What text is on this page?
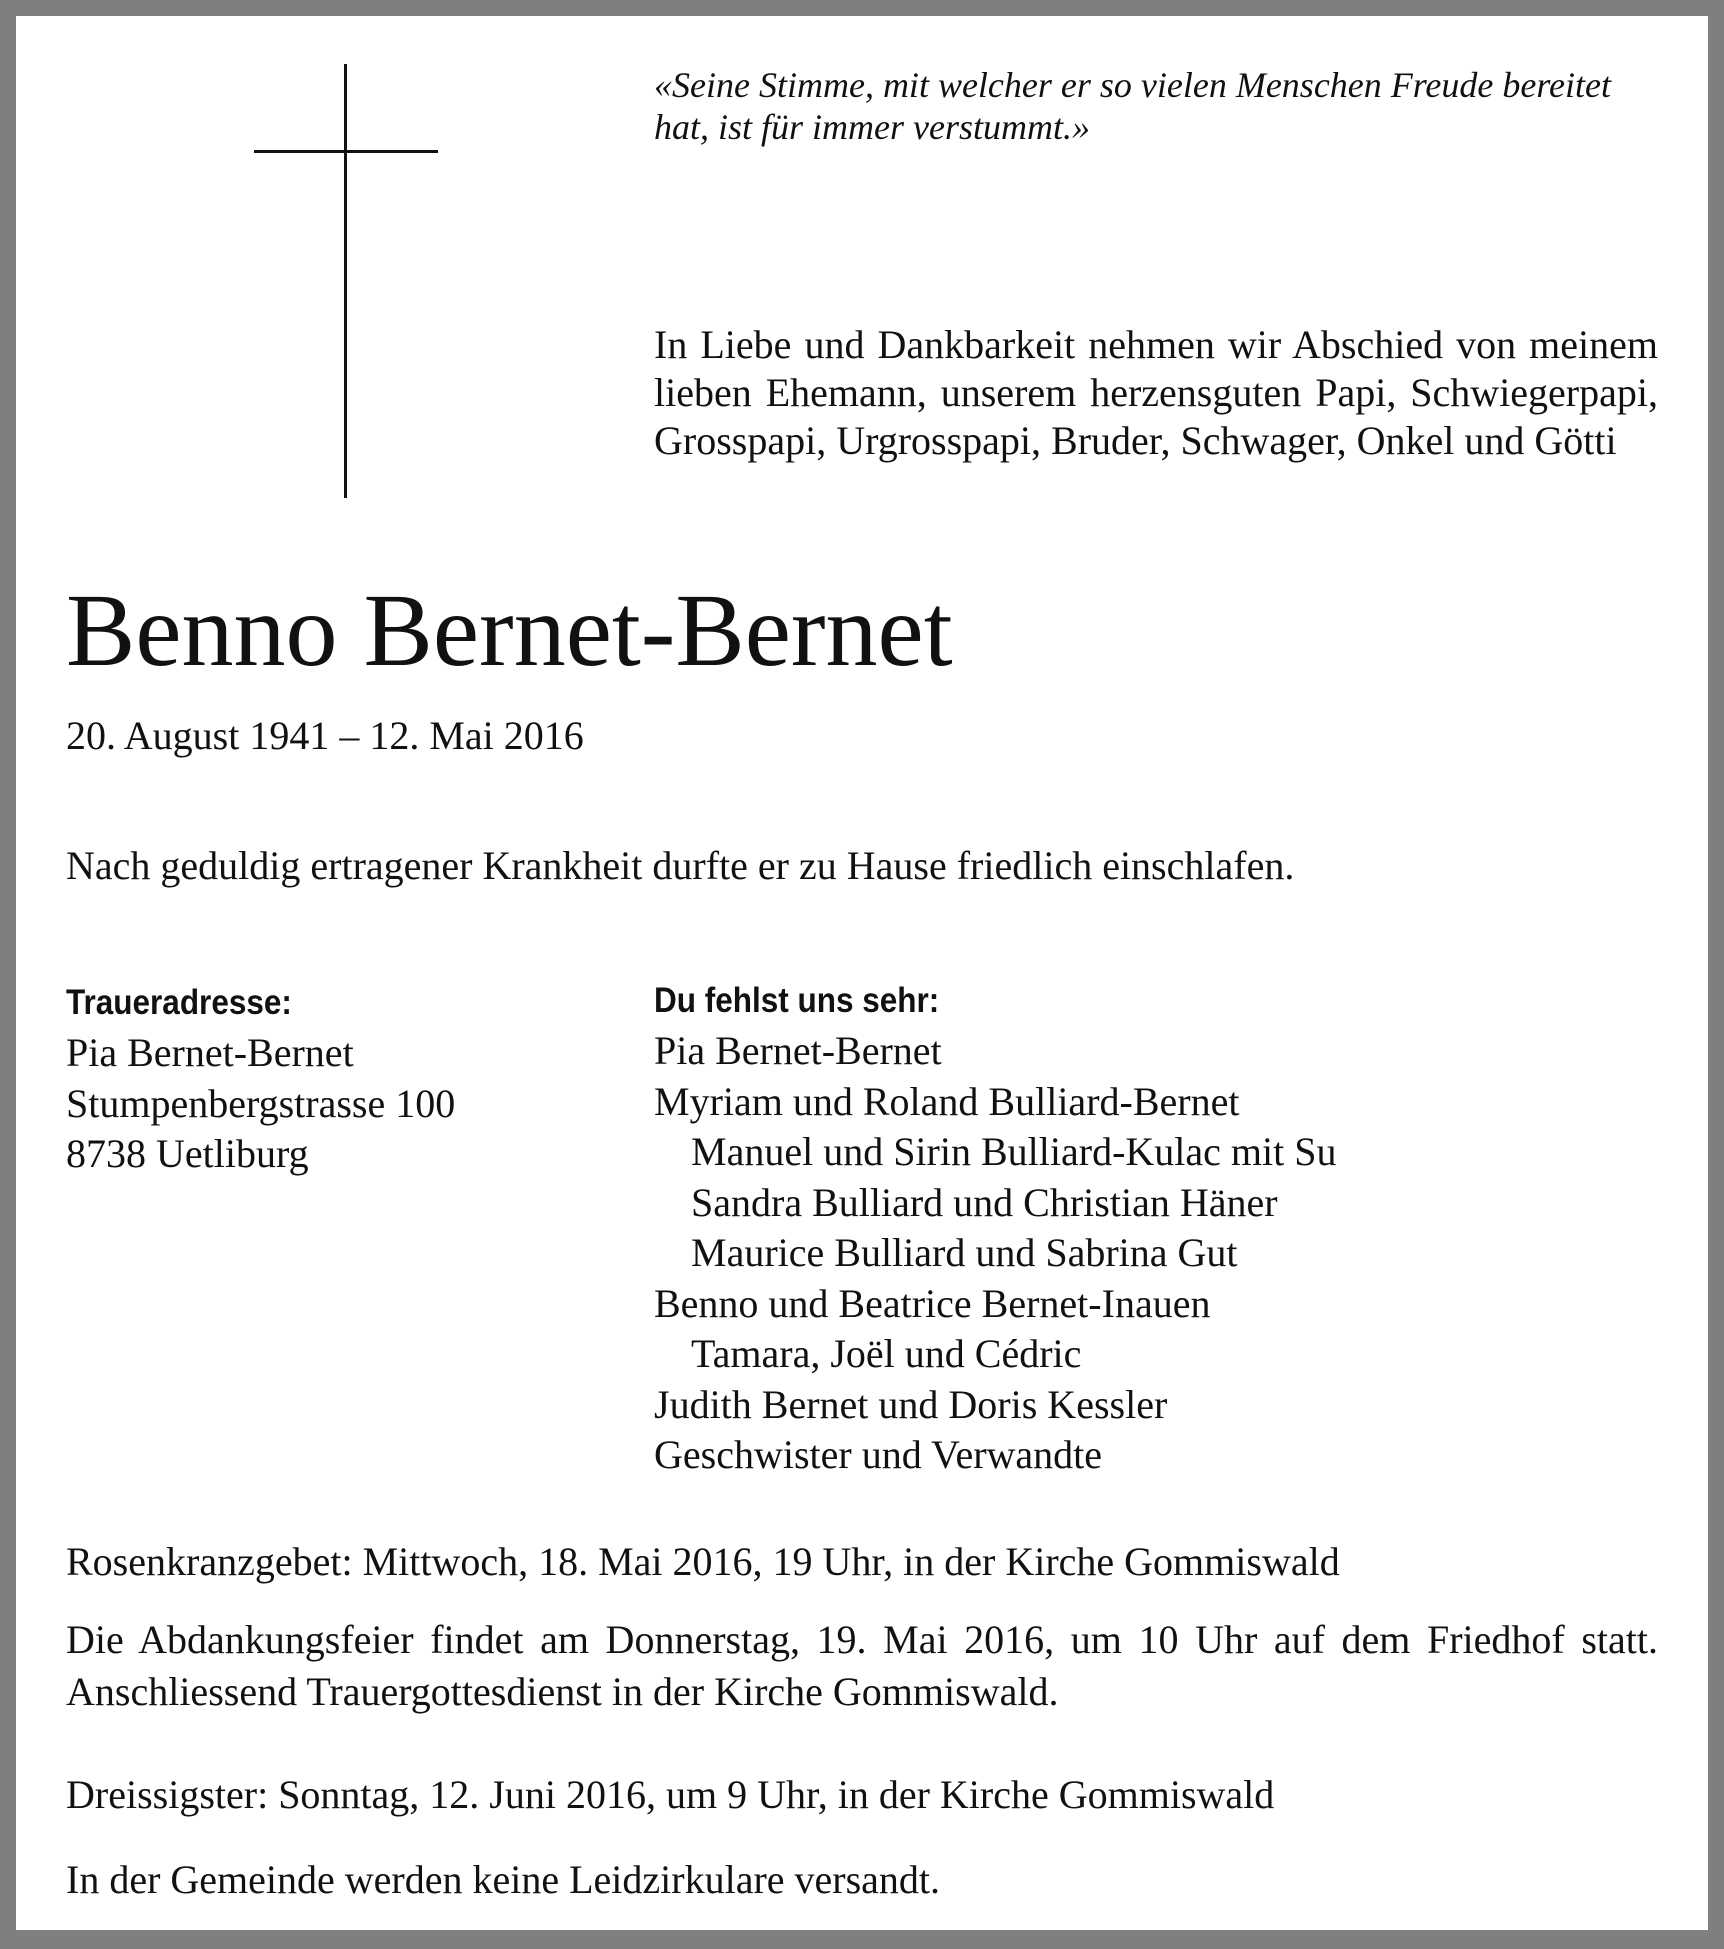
«Seine Stimme, mit welcher er so vielen Menschen Freude bereitet hat, ist für immer verstummt.»
In Liebe und Dankbarkeit nehmen wir Abschied von meinem lieben Ehemann, unserem herzensguten Papi, Schwiegerpapi, Grosspapi, Urgrosspapi, Bruder, Schwager, Onkel und Götti
Benno Bernet-Bernet
20. August 1941 – 12. Mai 2016
Nach geduldig ertragener Krankheit durfte er zu Hause friedlich einschlafen.
Traueradresse:
Pia Bernet-Bernet
Stumpenbergstrasse 100
8738 Uetliburg
Du fehlst uns sehr:
Pia Bernet-Bernet
Myriam und Roland Bulliard-Bernet
Manuel und Sirin Bulliard-Kulac mit Su
Sandra Bulliard und Christian Häner
Maurice Bulliard und Sabrina Gut
Benno und Beatrice Bernet-Inauen
Tamara, Joël und Cédric
Judith Bernet und Doris Kessler
Geschwister und Verwandte
Rosenkranzgebet: Mittwoch, 18. Mai 2016, 19 Uhr, in der Kirche Gommiswald
Die Abdankungsfeier findet am Donnerstag, 19. Mai 2016, um 10 Uhr auf dem Friedhof statt. Anschliessend Trauergottesdienst in der Kirche Gommiswald.
Dreissigster: Sonntag, 12. Juni 2016, um 9 Uhr, in der Kirche Gommiswald
In der Gemeinde werden keine Leidzirkulare versandt.
